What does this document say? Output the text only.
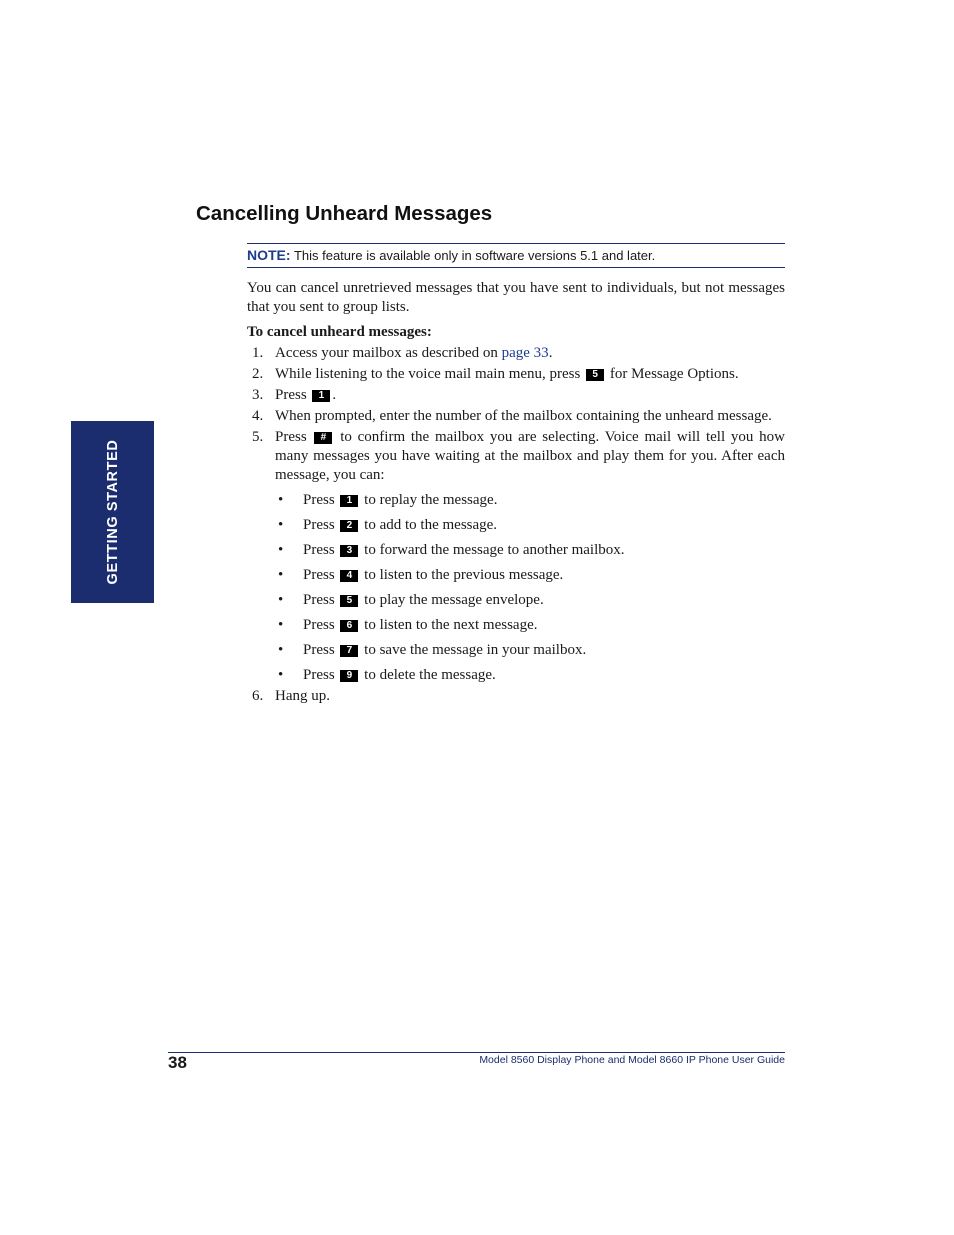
GETTING STARTED
Cancelling Unheard Messages
NOTE: This feature is available only in software versions 5.1 and later.

You can cancel unretrieved messages that you have sent to individuals, but not messages that you sent to group lists.

To cancel unheard messages:

1. Access your mailbox as described on page 33.
2. While listening to the voice mail main menu, press 5 for Message Options.
3. Press 1 .
4. When prompted, enter the number of the mailbox containing the unheard message.
5. Press # to confirm the mailbox you are selecting. Voice mail will tell you how many messages you have waiting at the mailbox and play them for you. After each message, you can:
• Press 1 to replay the message.
• Press 2 to add to the message.
• Press 3 to forward the message to another mailbox.
• Press 4 to listen to the previous message.
• Press 5 to play the message envelope.
• Press 6 to listen to the next message.
• Press 7 to save the message in your mailbox.
• Press 9 to delete the message.
6. Hang up.
38	Model 8560 Display Phone and Model 8660 IP Phone User Guide
